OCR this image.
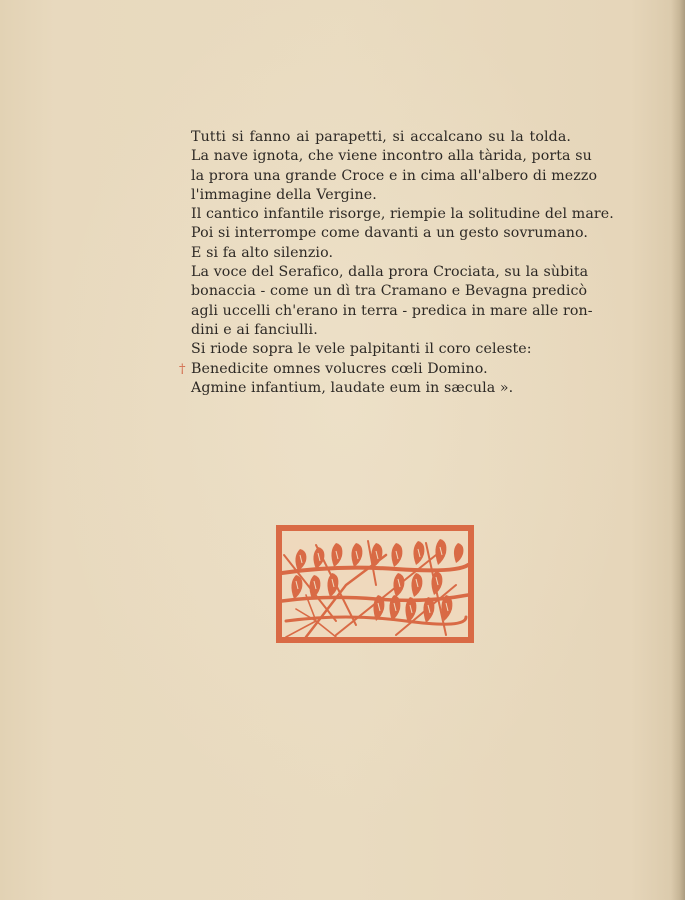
Tutti si fanno ai parapetti, si accalcano su la tolda.
La nave ignota, che viene incontro alla tàrida, porta su
la prora una grande Croce e in cima all'albero di mezzo
l'immagine della Vergine.
Il cantico infantile risorge, riempie la solitudine del mare.
Poi si interrompe come davanti a un gesto sovrumano.
E si fa alto silenzio.
La voce del Serafico, dalla prora Crociata, su la sùbita
bonaccia - come un dì tra Cramano e Bevagna predicò
agli uccelli ch'erano in terra - predica in mare alle ron-
dini e ai fanciulli.
Si riode sopra le vele palpitanti il coro celeste:
† Benedicite omnes volucres cœli Domino.
Agmine infantium, laudate eum in sæcula ».
